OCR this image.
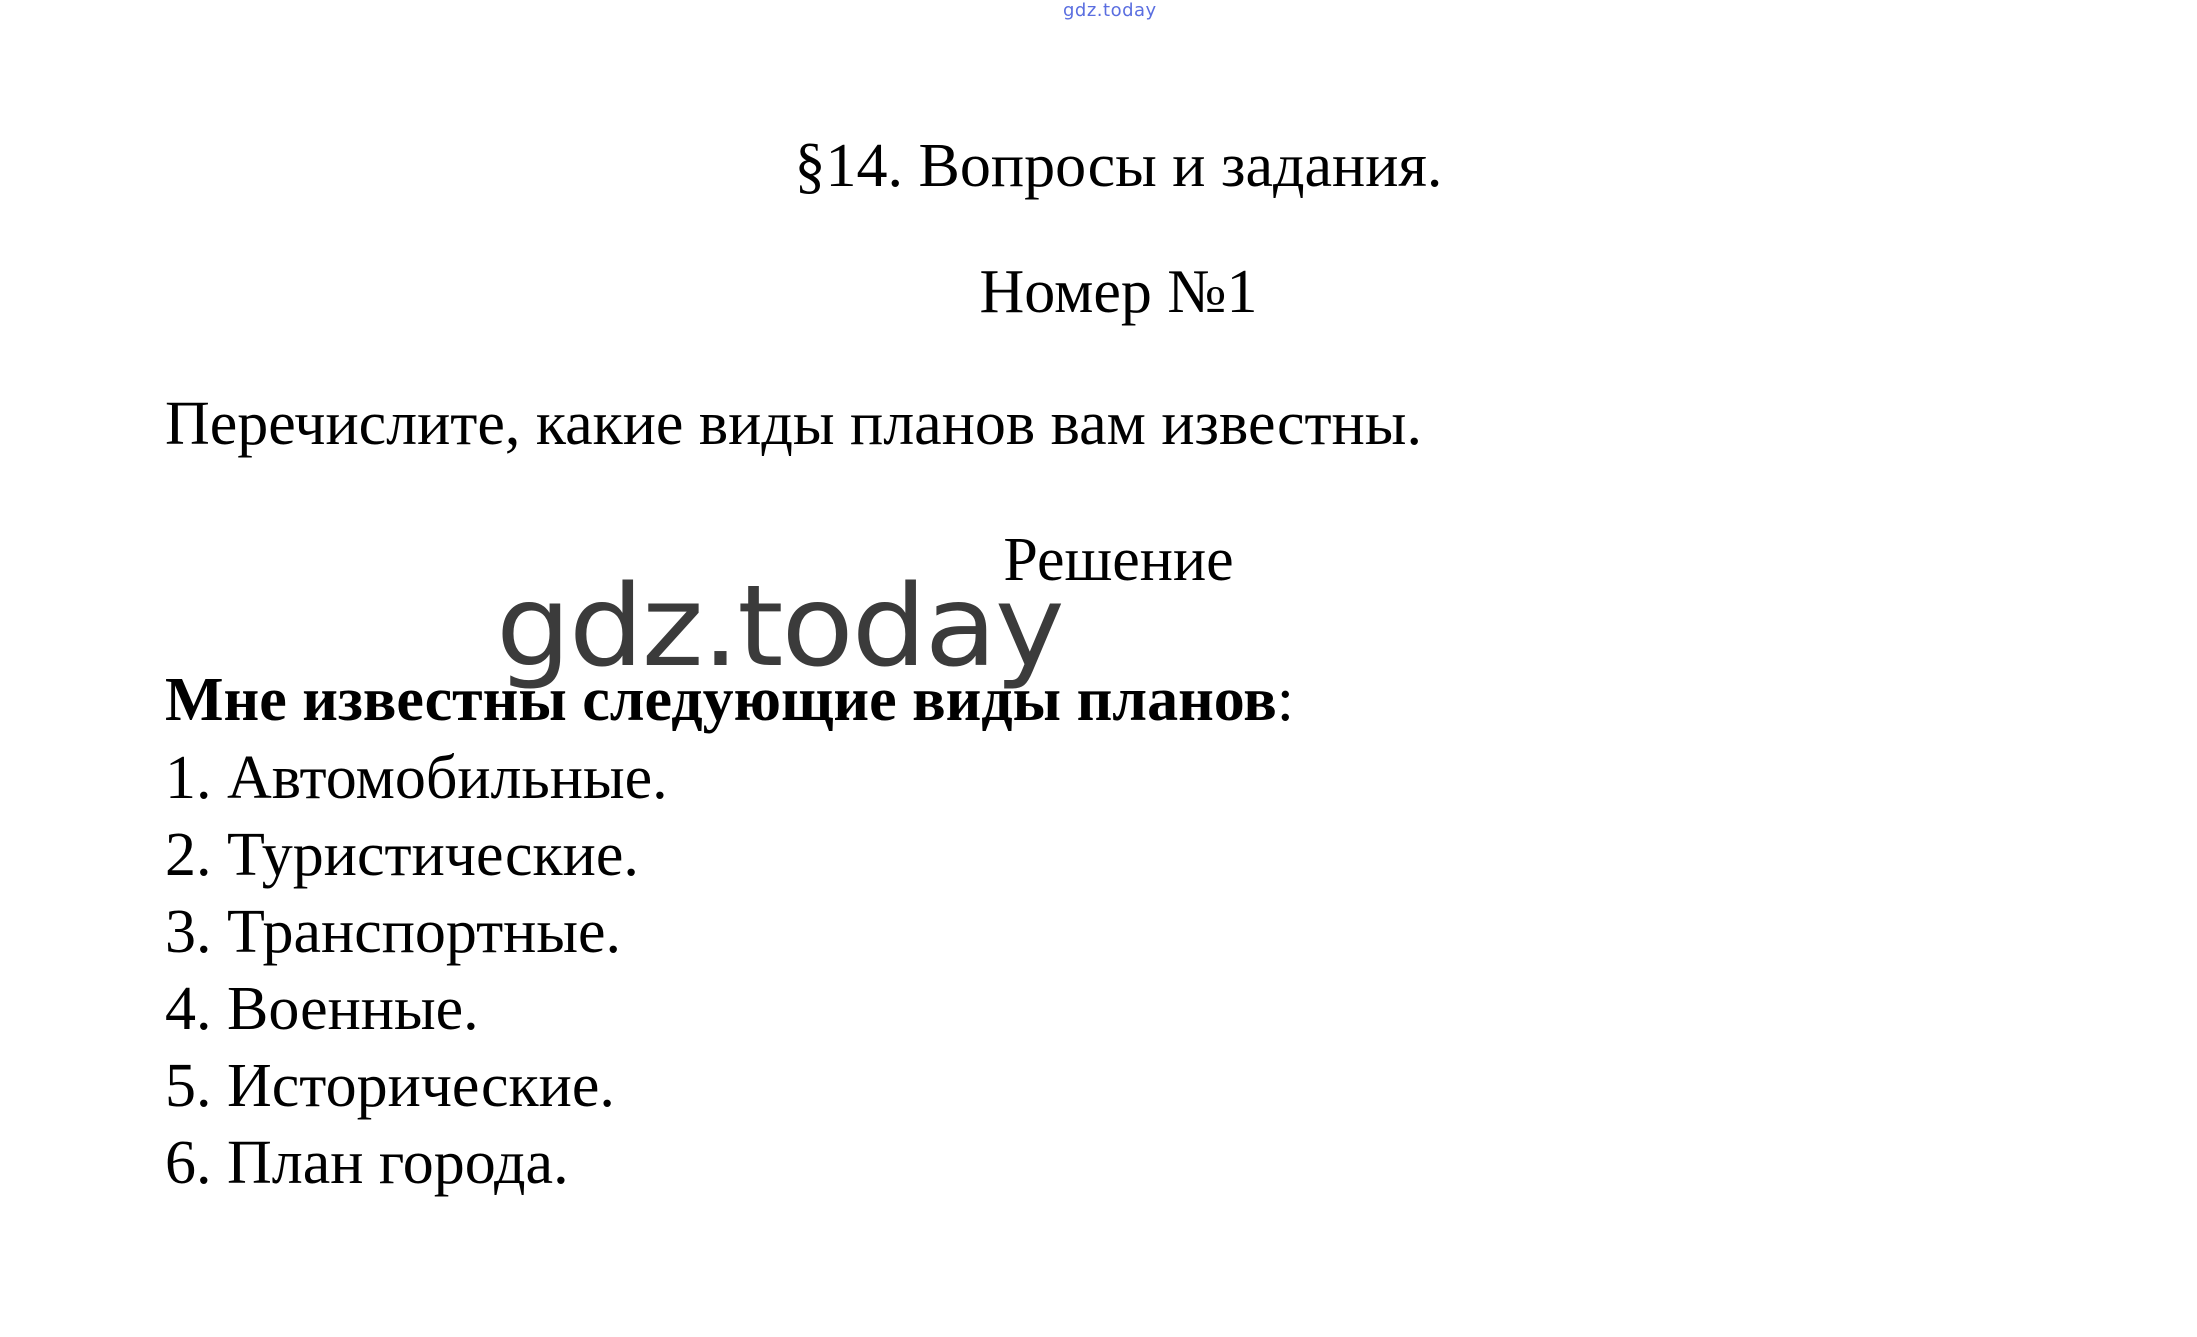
gdz.today
§14. Вопросы и задания.
Номер №1
Перечислите, какие виды планов вам известны.
Решение
gdz.today
Мне известны следующие виды планов:
1. Автомобильные.
2. Туристические.
3. Транспортные.
4. Военные.
5. Исторические.
6. План города.
